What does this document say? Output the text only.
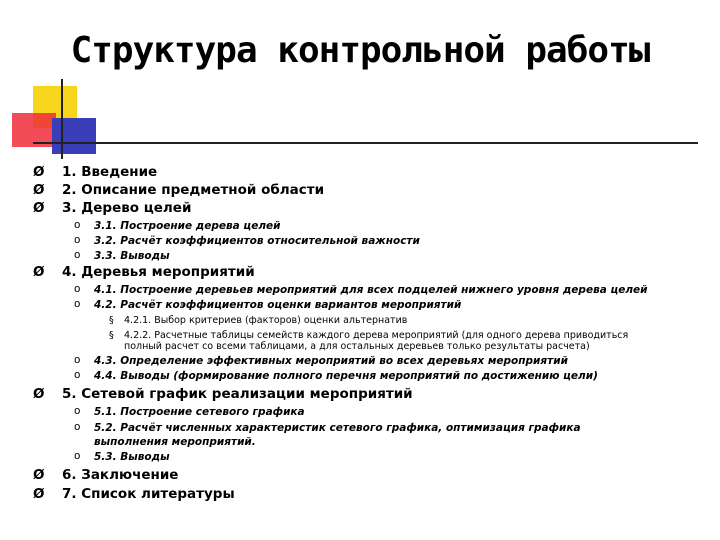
Структура контрольной работы
Ø 1. Введение
Ø 2. Описание предметной области
Ø 3. Дерево целей
o 3.1. Построение дерева целей
o 3.2. Расчёт коэффициентов относительной важности
o 3.3. Выводы
Ø 4. Деревья мероприятий
o 4.1. Построение деревьев мероприятий для всех подцелей нижнего уровня дерева целей
o 4.2. Расчёт коэффициентов оценки вариантов мероприятий
§ 4.2.1. Выбор критериев (факторов) оценки альтернатив
§ 4.2.2. Расчетные таблицы семейств каждого дерева мероприятий (для одного дерева приводиться
полный расчет со всеми таблицами, а для остальных деревьев только результаты расчета)
o 4.3. Определение эффективных мероприятий во всех деревьях мероприятий
o 4.4. Выводы (формирование полного перечня мероприятий по достижению цели)
Ø 5. Сетевой график реализации мероприятий
o 5.1. Построение сетевого графика
o 5.2. Расчёт численных характеристик сетевого графика, оптимизация графика
выполнения мероприятий.
o 5.3. Выводы
Ø 6. Заключение
Ø 7. Список литературы
